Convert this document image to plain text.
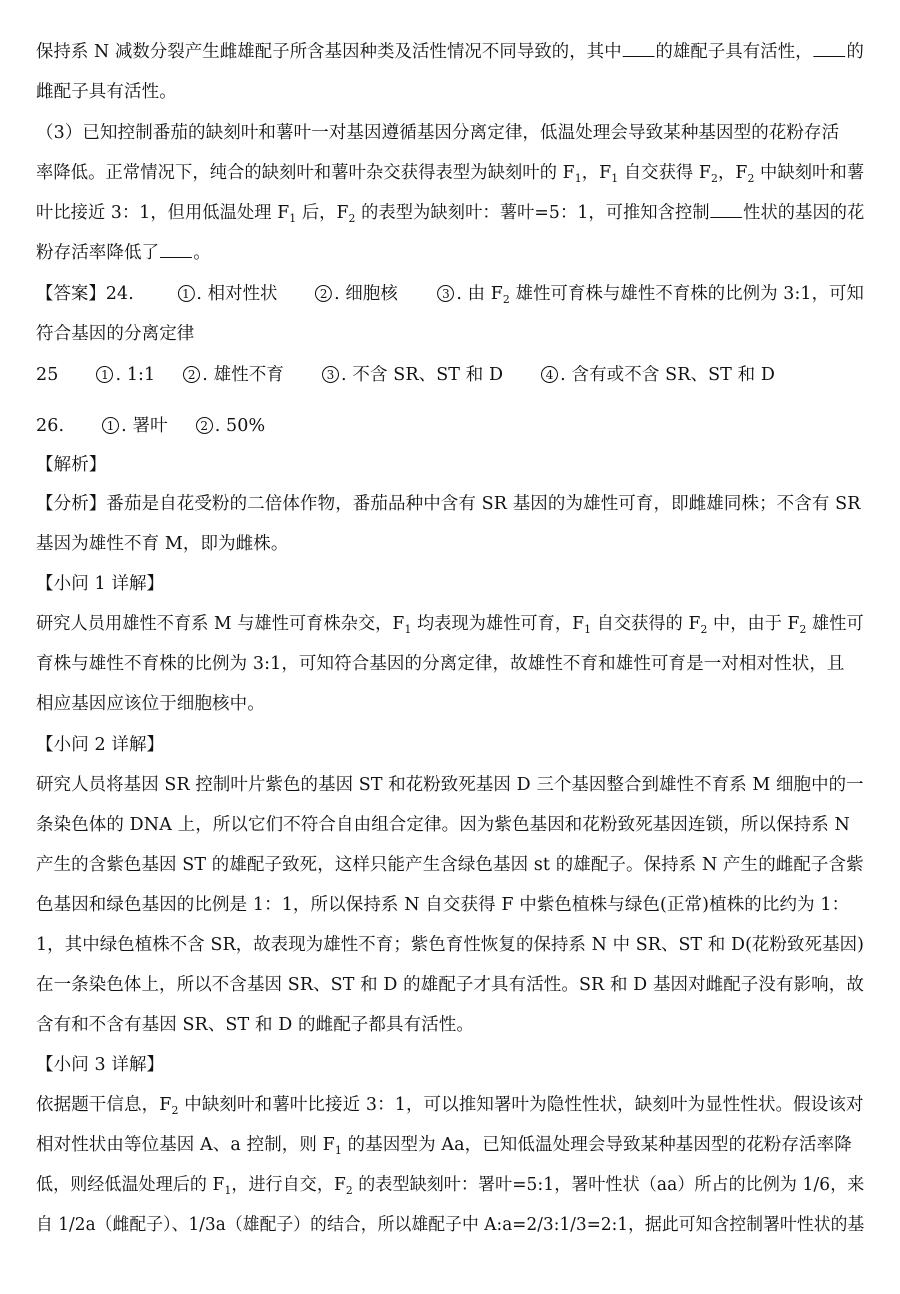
保持系 N 减数分裂产生雌雄配子所含基因种类及活性情况不同导致的，其中 的雄配子具有活性， 的
雌配子具有活性。
（3）已知控制番茄的缺刻叶和薯叶一对基因遵循基因分离定律，低温处理会导致某种基因型的花粉存活
率降低。正常情况下，纯合的缺刻叶和薯叶杂交获得表型为缺刻叶的 $F_1$，$F_1$ 自交获得 $F_2$，$F_2$ 中缺刻叶和薯
叶比接近 3：1，但用低温处理 $F_1$ 后，$F_2$ 的表型为缺刻叶：薯叶=5：1，可推知含控制 性状的基因的花
粉存活率降低了 。
【答案】24.	1 . 相对性状	2 . 细胞核	3 . 由 $F_2$ 雄性可育株与雄性不育株的比例为 3:1，可知
符合基因的分离定律
25	1 . 1:1	2 . 雄性不育	3 . 不含 SR、ST 和 D	4 . 含有或不含 SR、ST 和 D
26.	1 . 署叶	2 . 50%
【解析】
【分析】番茄是自花受粉的二倍体作物，番茄品种中含有 SR 基因的为雄性可育，即雌雄同株；不含有 SR
基因为雄性不育 M，即为雌株。
【小问 1 详解】
研究人员用雄性不育系 M 与雄性可育株杂交，$F_1$ 均表现为雄性可育，$F_1$ 自交获得的 $F_2$ 中，由于 $F_2$ 雄性可
育株与雄性不育株的比例为 3:1，可知符合基因的分离定律，故雄性不育和雄性可育是一对相对性状，且
相应基因应该位于细胞核中。
【小问 2 详解】
研究人员将基因 SR 控制叶片紫色的基因 ST 和花粉致死基因 D 三个基因整合到雄性不育系 M 细胞中的一
条染色体的 DNA 上，所以它们不符合自由组合定律。因为紫色基因和花粉致死基因连锁，所以保持系 N
产生的含紫色基因 ST 的雄配子致死，这样只能产生含绿色基因 st 的雄配子。保持系 N 产生的雌配子含紫
色基因和绿色基因的比例是 1：1，所以保持系 N 自交获得 F 中紫色植株与绿色(正常)植株的比约为 1：
1，其中绿色植株不含 SR，故表现为雄性不育；紫色育性恢复的保持系 N 中 SR、ST 和 D(花粉致死基因)
在一条染色体上，所以不含基因 SR、ST 和 D 的雄配子才具有活性。SR 和 D 基因对雌配子没有影响，故
含有和不含有基因 SR、ST 和 D 的雌配子都具有活性。
【小问 3 详解】
依据题干信息，$F_2$ 中缺刻叶和薯叶比接近 3：1，可以推知署叶为隐性性状，缺刻叶为显性性状。假设该对
相对性状由等位基因 A、a 控制，则 $F_1$ 的基因型为 Aa，已知低温处理会导致某种基因型的花粉存活率降
低，则经低温处理后的 $F_1$，进行自交，$F_2$ 的表型缺刻叶：署叶=5:1，署叶性状（aa）所占的比例为 1/6，来
自 1/2a（雌配子）、1/3a（雄配子）的结合，所以雄配子中 A:a=2/3:1/3=2:1，据此可知含控制署叶性状的基
